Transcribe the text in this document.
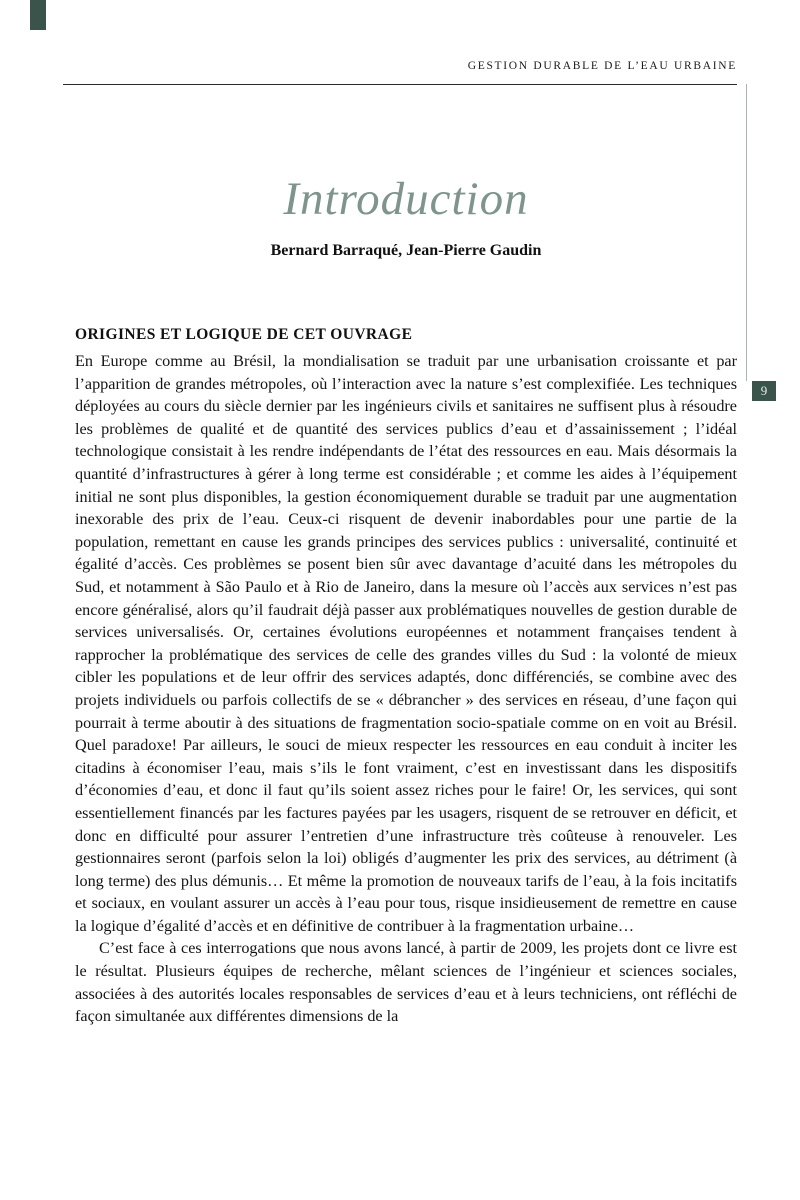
GESTION DURABLE DE L’EAU URBAINE
9
Introduction
Bernard Barraqué, Jean-Pierre Gaudin
ORIGINES ET LOGIQUE DE CET OUVRAGE

En Europe comme au Brésil, la mondialisation se traduit par une urbanisation croissante et par l’apparition de grandes métropoles, où l’interaction avec la nature s’est complexifiée. Les techniques déployées au cours du siècle dernier par les ingénieurs civils et sanitaires ne suffisent plus à résoudre les problèmes de qualité et de quantité des services publics d’eau et d’assainissement ; l’idéal technologique consistait à les rendre indépendants de l’état des ressources en eau. Mais désormais la quantité d’infrastructures à gérer à long terme est considérable ; et comme les aides à l’équipement initial ne sont plus disponibles, la gestion économiquement durable se traduit par une augmentation inexorable des prix de l’eau. Ceux-ci risquent de devenir inabordables pour une partie de la population, remettant en cause les grands principes des services publics : universalité, continuité et égalité d’accès. Ces problèmes se posent bien sûr avec davantage d’acuité dans les métropoles du Sud, et notamment à São Paulo et à Rio de Janeiro, dans la mesure où l’accès aux services n’est pas encore généralisé, alors qu’il faudrait déjà passer aux problématiques nouvelles de gestion durable de services universalisés. Or, certaines évolutions européennes et notamment françaises tendent à rapprocher la problématique des services de celle des grandes villes du Sud : la volonté de mieux cibler les populations et de leur offrir des services adaptés, donc différenciés, se combine avec des projets individuels ou parfois collectifs de se « débrancher » des services en réseau, d’une façon qui pourrait à terme aboutir à des situations de fragmentation socio-spatiale comme on en voit au Brésil. Quel paradoxe! Par ailleurs, le souci de mieux respecter les ressources en eau conduit à inciter les citadins à économiser l’eau, mais s’ils le font vraiment, c’est en investissant dans les dispositifs d’économies d’eau, et donc il faut qu’ils soient assez riches pour le faire! Or, les services, qui sont essentiellement financés par les factures payées par les usagers, risquent de se retrouver en déficit, et donc en difficulté pour assurer l’entretien d’une infrastructure très coûteuse à renouveler. Les gestionnaires seront (parfois selon la loi) obligés d’augmenter les prix des services, au détriment (à long terme) des plus démunis… Et même la promotion de nouveaux tarifs de l’eau, à la fois incitatifs et sociaux, en voulant assurer un accès à l’eau pour tous, risque insidieusement de remettre en cause la logique d’égalité d’accès et en définitive de contribuer à la fragmentation urbaine…

C’est face à ces interrogations que nous avons lancé, à partir de 2009, les projets dont ce livre est le résultat. Plusieurs équipes de recherche, mêlant sciences de l’ingénieur et sciences sociales, associées à des autorités locales responsables de services d’eau et à leurs techniciens, ont réfléchi de façon simultanée aux différentes dimensions de la
